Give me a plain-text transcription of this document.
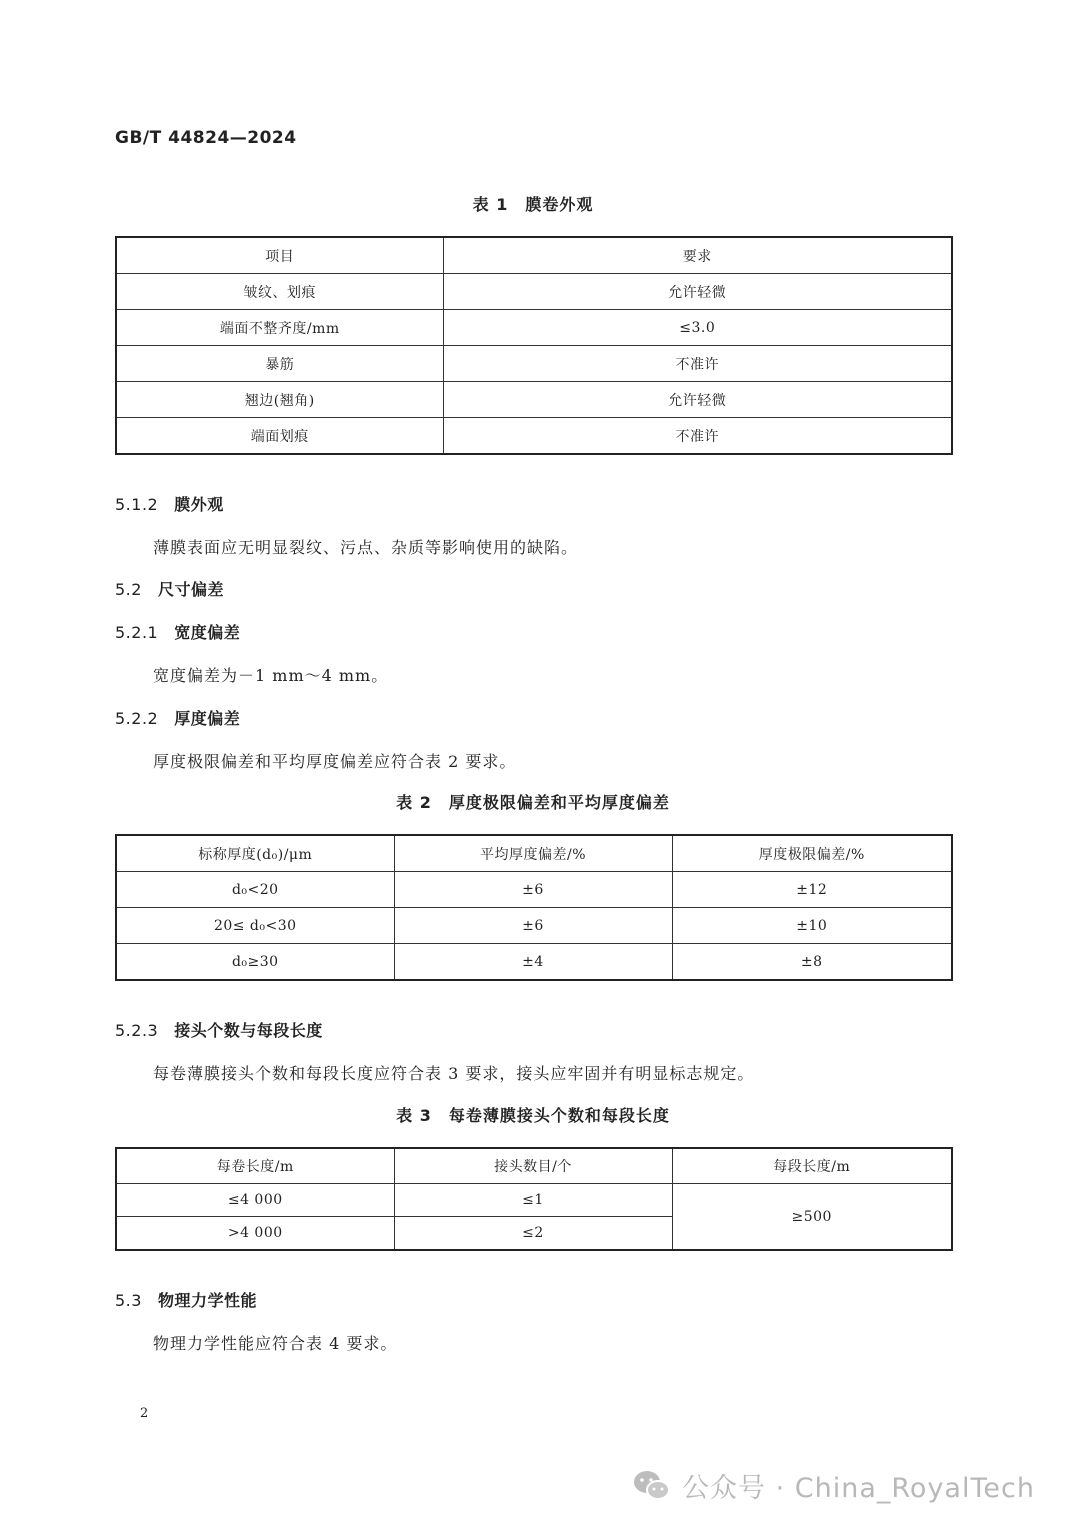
GB/T 44824—2024
表 1　膜卷外观
项目	要求
皱纹、划痕	允许轻微
端面不整齐度/mm	≤3.0
暴筋	不准许
翘边(翘角)	允许轻微
端面划痕	不准许
5.1.2 膜外观
薄膜表面应无明显裂纹、污点、杂质等影响使用的缺陷。
5.2 尺寸偏差
5.2.1 宽度偏差
宽度偏差为－1 mm～4 mm。
5.2.2 厚度偏差
厚度极限偏差和平均厚度偏差应符合表 2 要求。
表 2　厚度极限偏差和平均厚度偏差
标称厚度(d₀)/μm	平均厚度偏差/%	厚度极限偏差/%
d₀<20	±6	±12
20≤ d₀<30	±6	±10
d₀≥30	±4	±8
5.2.3 接头个数与每段长度
每卷薄膜接头个数和每段长度应符合表 3 要求，接头应牢固并有明显标志规定。
表 3　每卷薄膜接头个数和每段长度
每卷长度/m	接头数目/个	每段长度/m
≤4 000	≤1	≥500
>4 000	≤2	
5.3 物理力学性能
物理力学性能应符合表 4 要求。
2
公众号 · China_RoyalTech
